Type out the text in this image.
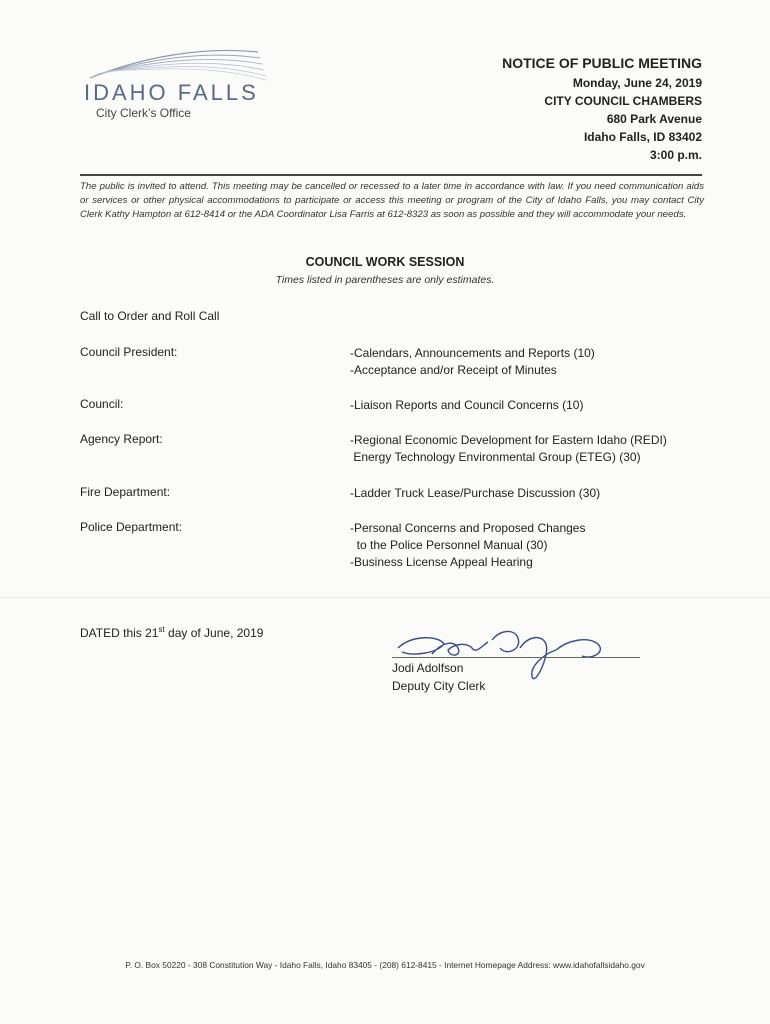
IDAHO FALLS
City Clerk’s Office
NOTICE OF PUBLIC MEETING
Monday, June 24, 2019
CITY COUNCIL CHAMBERS
680 Park Avenue
Idaho Falls, ID 83402
3:00 p.m.
The public is invited to attend. This meeting may be cancelled or recessed to a later time in accordance with law. If you need communication aids or services or other physical accommodations to participate or access this meeting or program of the City of Idaho Falls, you may contact City Clerk Kathy Hampton at 612-8414 or the ADA Coordinator Lisa Farris at 612-8323 as soon as possible and they will accommodate your needs.
COUNCIL WORK SESSION
Times listed in parentheses are only estimates.
Call to Order and Roll Call
Council President:	-Calendars, Announcements and Reports (10)
-Acceptance and/or Receipt of Minutes
Council:	-Liaison Reports and Council Concerns (10)
Agency Report:	-Regional Economic Development for Eastern Idaho (REDI)
Energy Technology Environmental Group (ETEG) (30)
Fire Department:	-Ladder Truck Lease/Purchase Discussion (30)
Police Department:	-Personal Concerns and Proposed Changes
to the Police Personnel Manual (30)
-Business License Appeal Hearing
DATED this 21st day of June, 2019
Jodi Adolfson
Deputy City Clerk
P. O. Box 50220 - 308 Constitution Way - Idaho Falls, Idaho 83405 - (208) 612-8415 - Internet Homepage Address: www.idahofallsidaho.gov
